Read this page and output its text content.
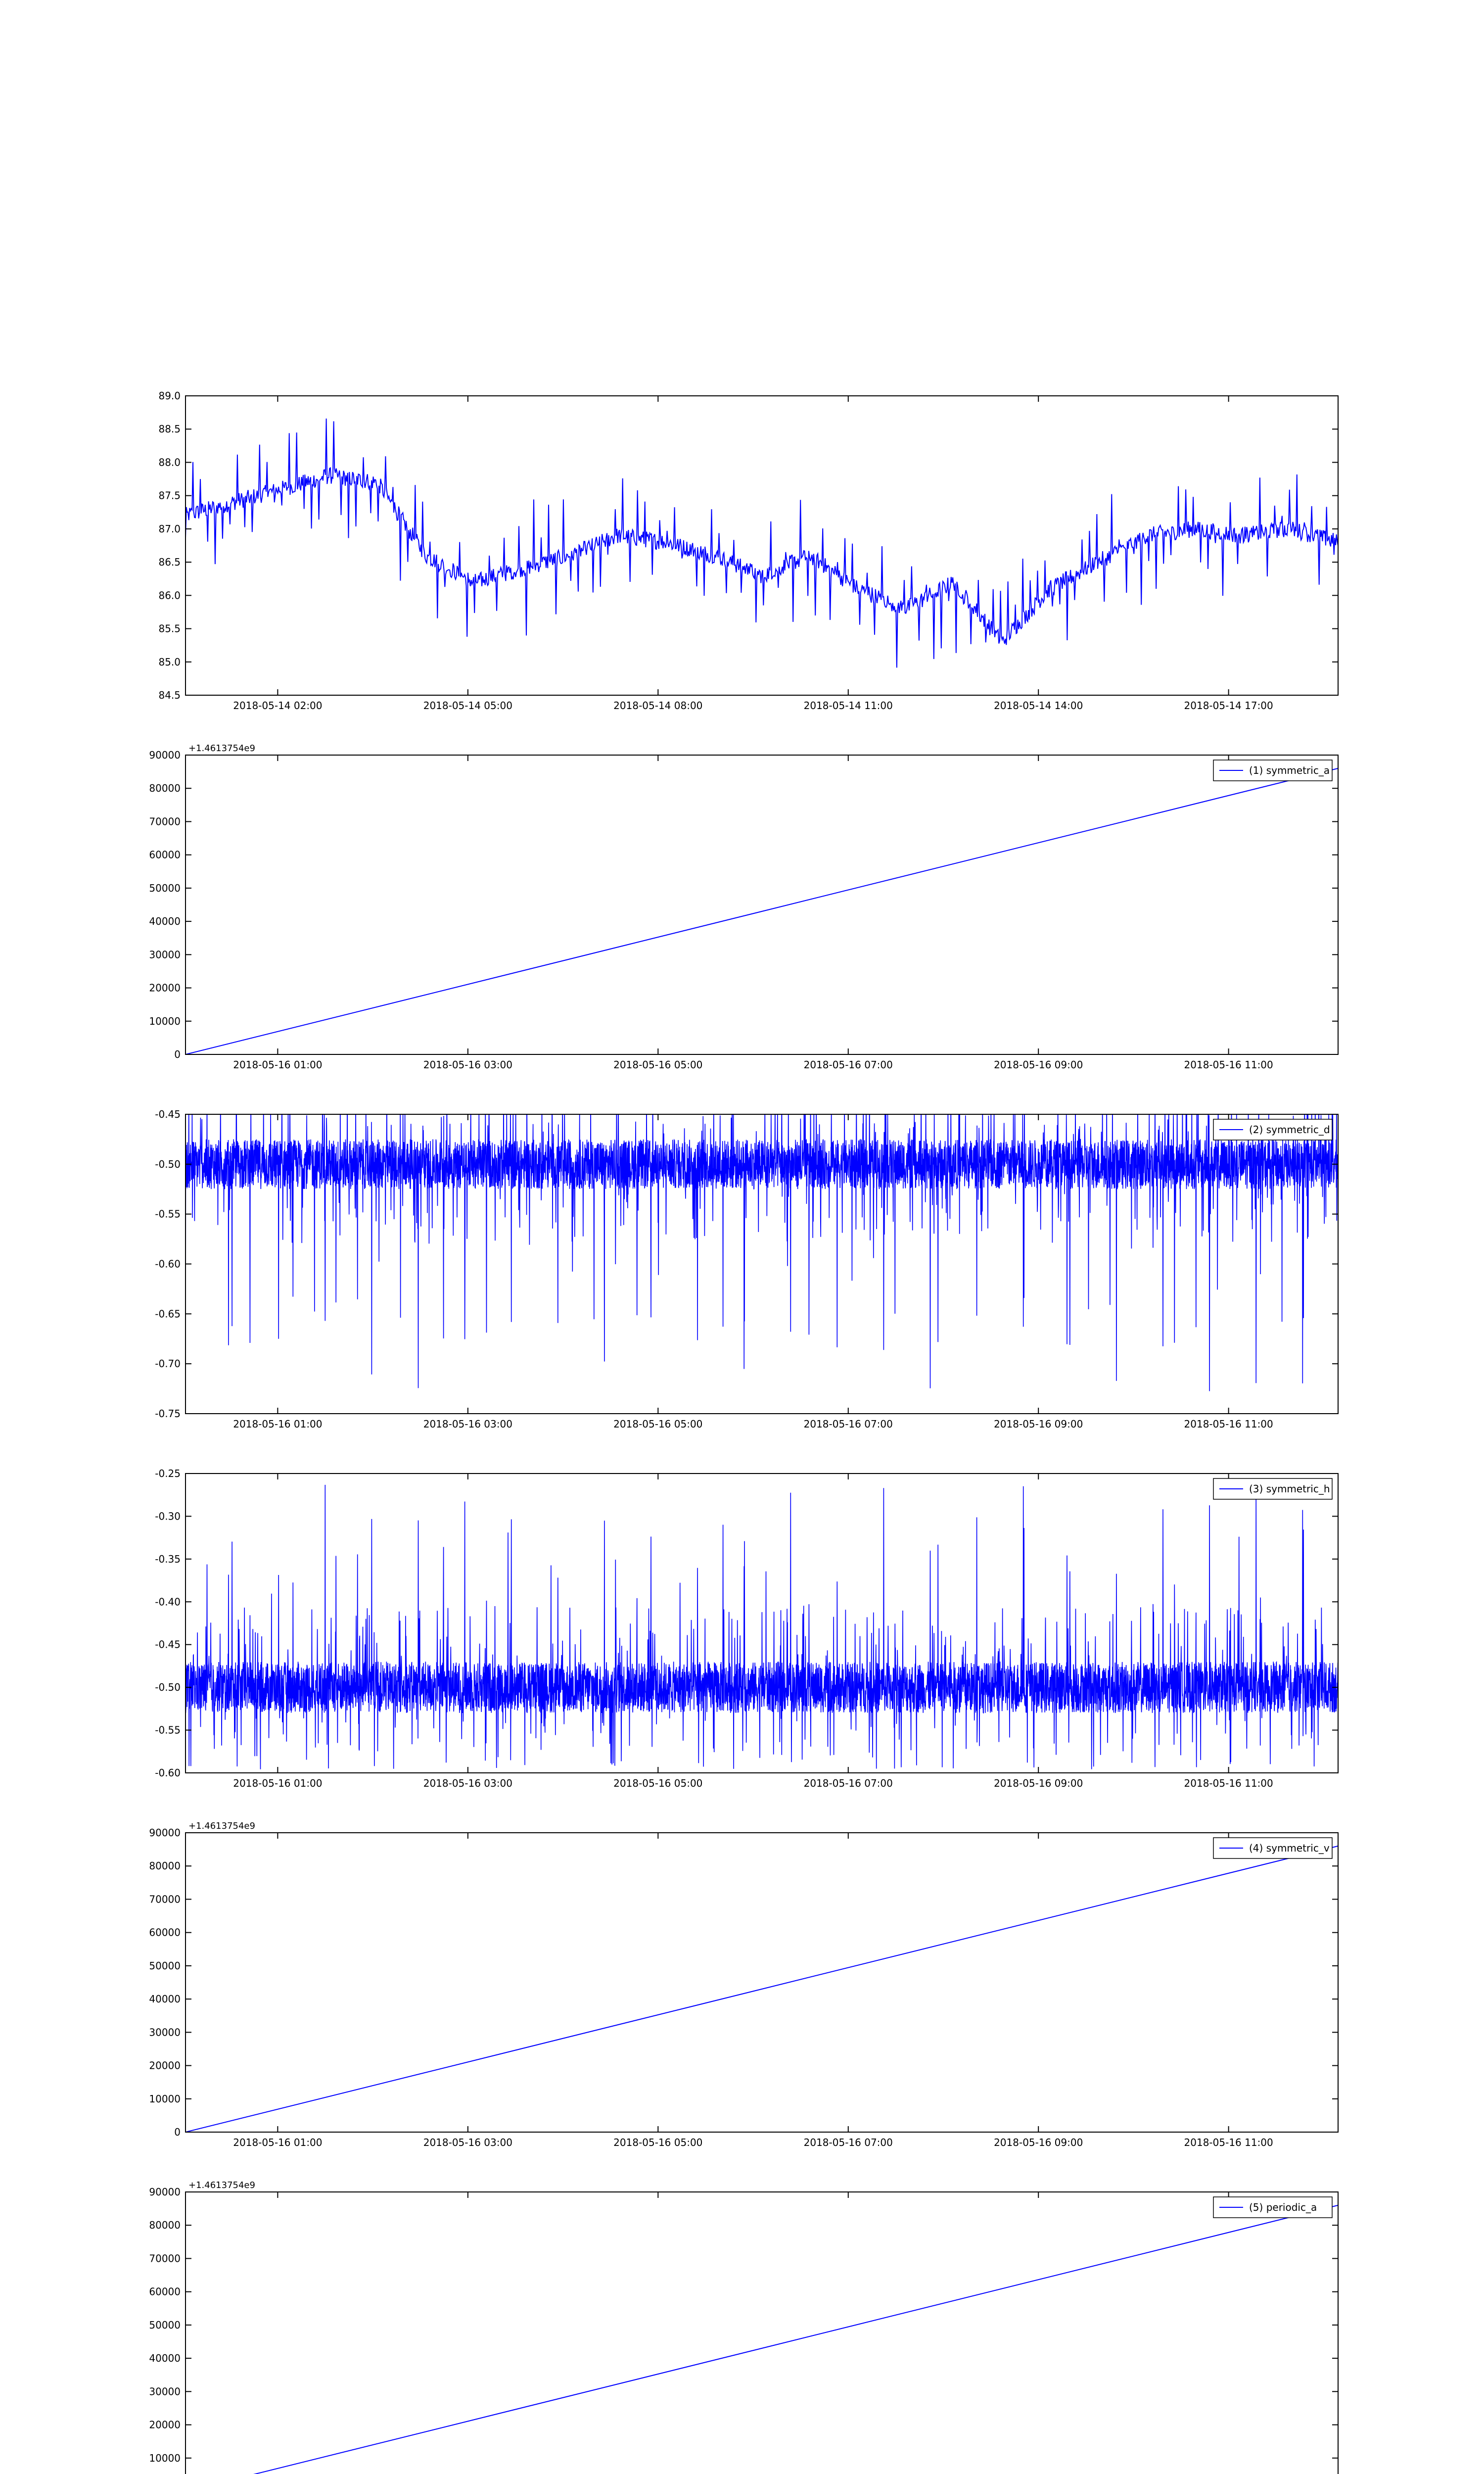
84.5
85.0
85.5
86.0
86.5
87.0
87.5
88.0
88.5
89.0
2018-05-14 02:00	2018-05-14 05:00	2018-05-14 08:00	2018-05-14 11:00	2018-05-14 14:00	2018-05-14 17:00
0
10000
20000
30000
40000
50000
60000
70000
80000
90000
2018-05-16 01:00	2018-05-16 03:00	2018-05-16 05:00	2018-05-16 07:00	2018-05-16 09:00	2018-05-16 11:00
+1.4613754e9
(1) symmetric_a
-0.75
-0.70
-0.65
-0.60
-0.55
-0.50
-0.45
2018-05-16 01:00	2018-05-16 03:00	2018-05-16 05:00	2018-05-16 07:00	2018-05-16 09:00	2018-05-16 11:00
(2) symmetric_d
-0.60
-0.55
-0.50
-0.45
-0.40
-0.35
-0.30
-0.25
2018-05-16 01:00	2018-05-16 03:00	2018-05-16 05:00	2018-05-16 07:00	2018-05-16 09:00	2018-05-16 11:00
(3) symmetric_h
0
10000
20000
30000
40000
50000
60000
70000
80000
90000
2018-05-16 01:00	2018-05-16 03:00	2018-05-16 05:00	2018-05-16 07:00	2018-05-16 09:00	2018-05-16 11:00
+1.4613754e9
(4) symmetric_v
10000
20000
30000
40000
50000
60000
70000
80000
90000
+1.4613754e9
(5) periodic_a
